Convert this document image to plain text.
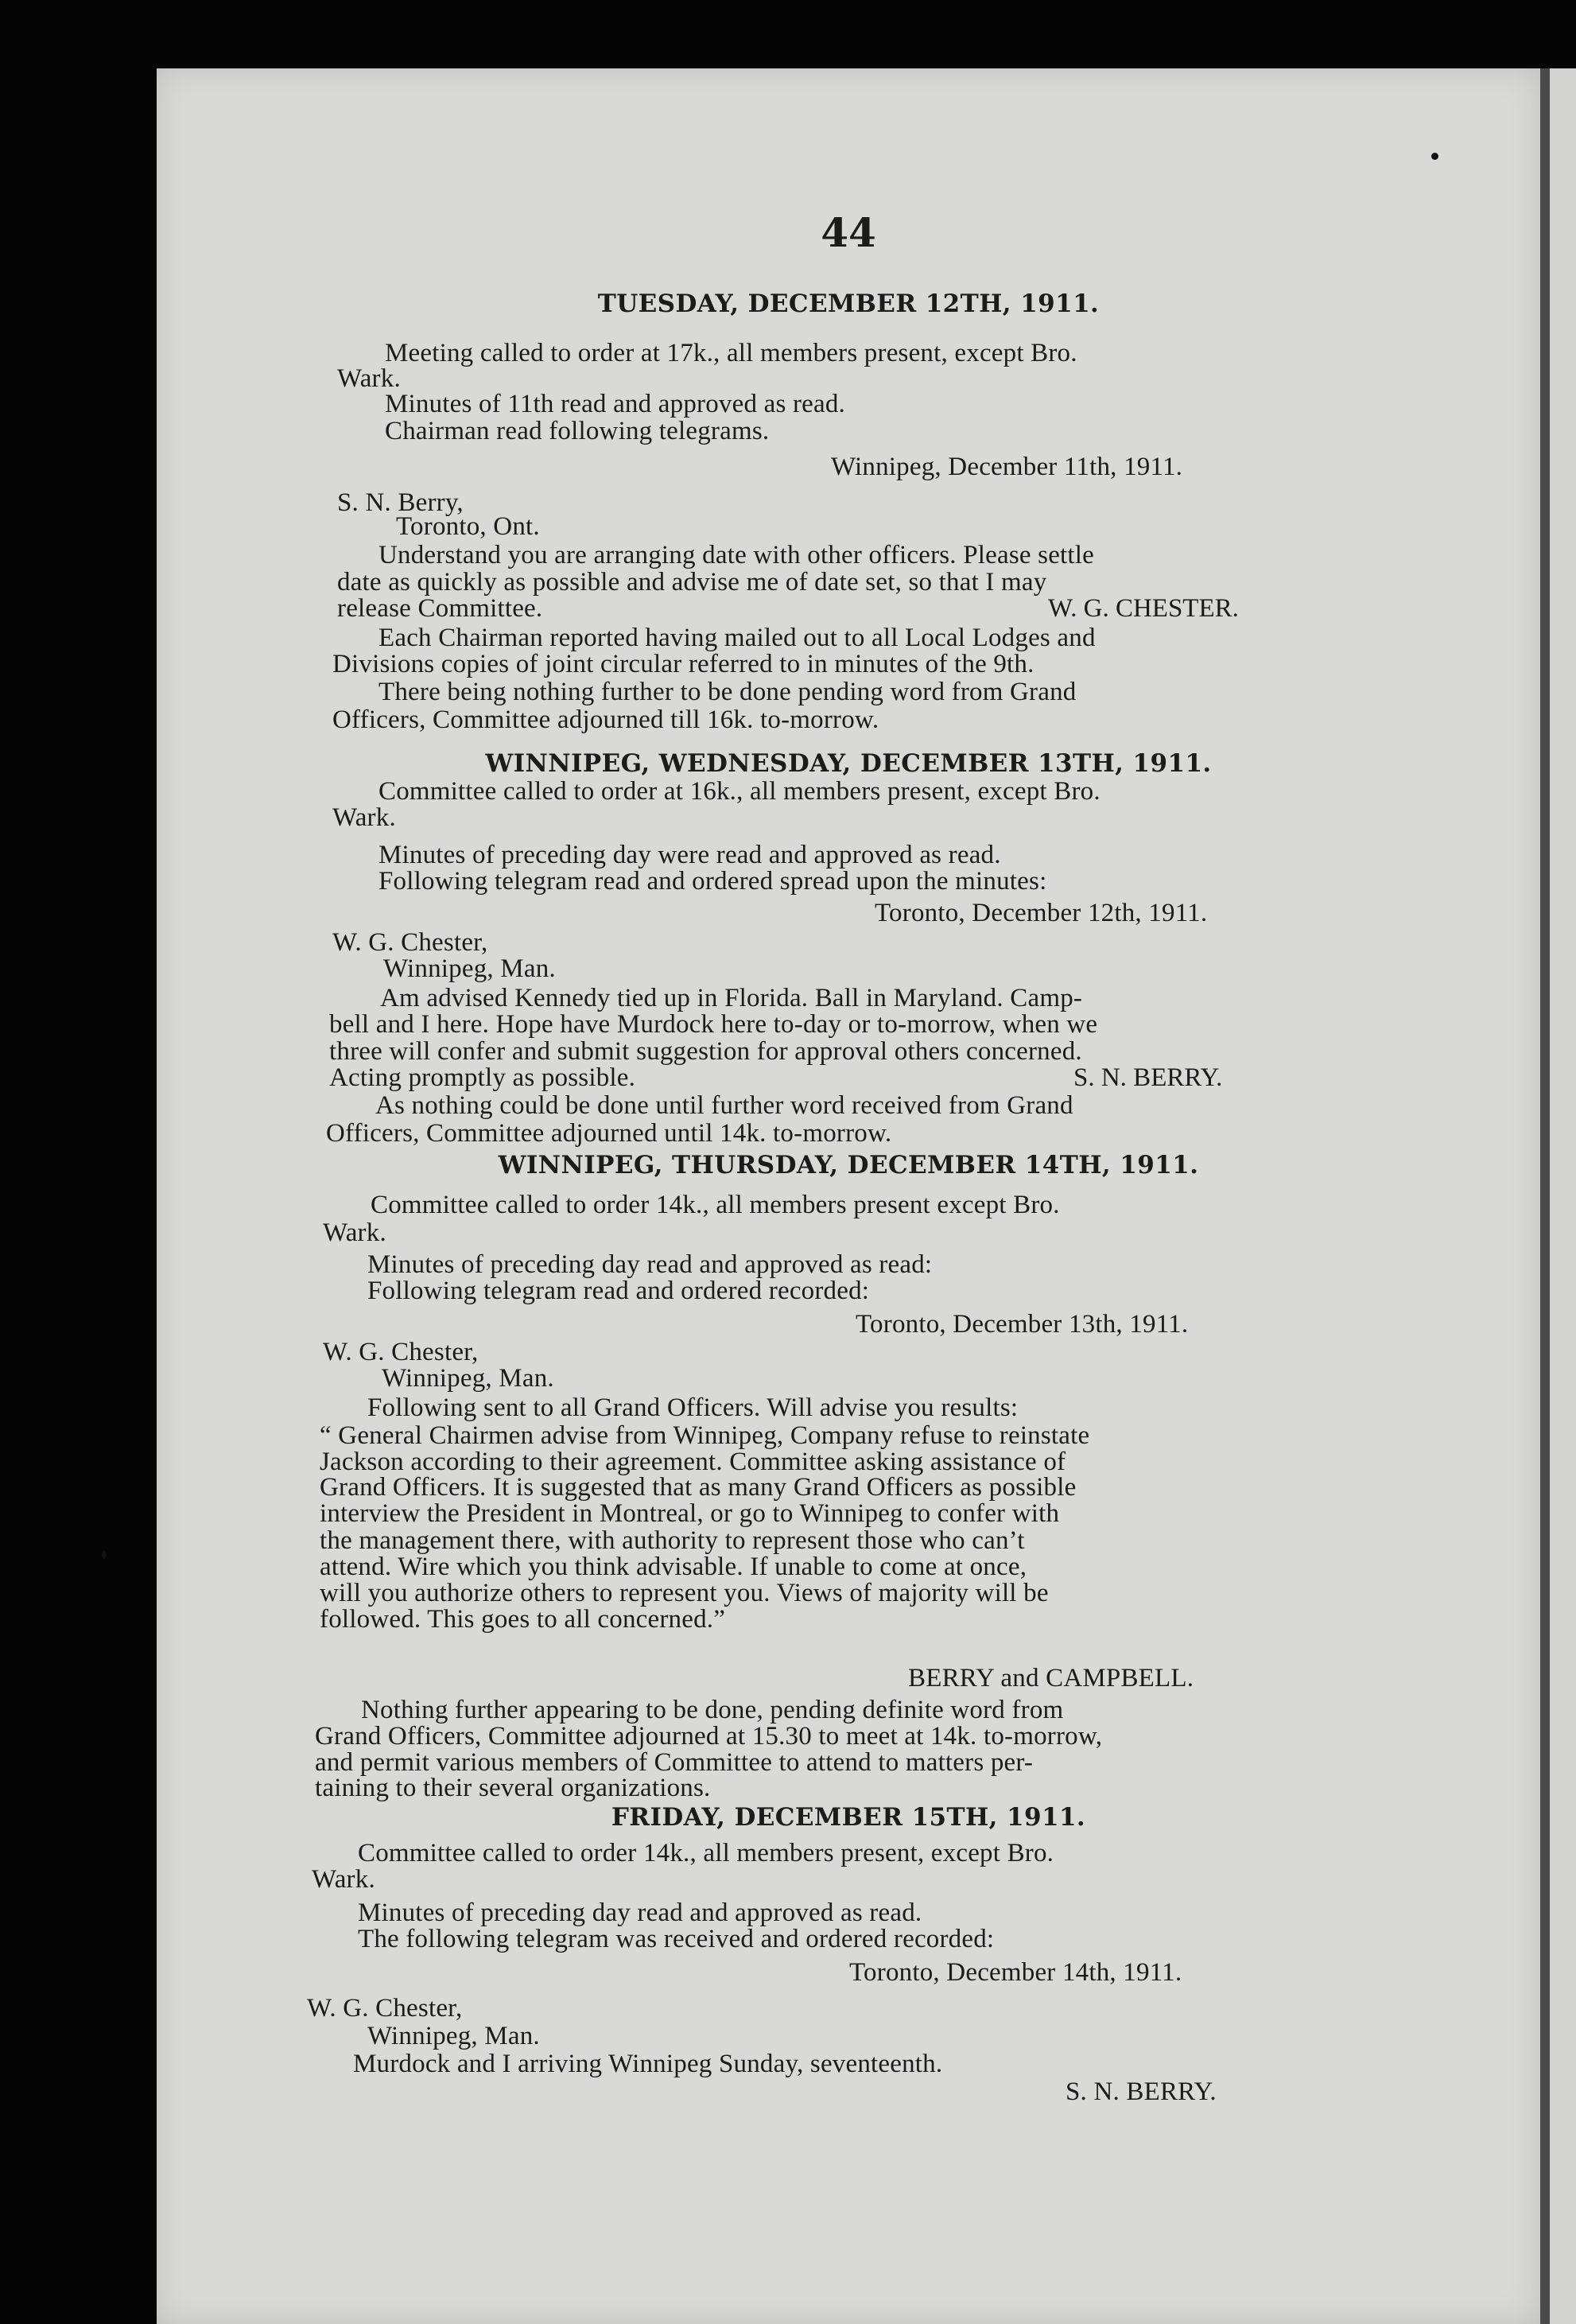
44
TUESDAY, DECEMBER 12TH, 1911.
Meeting called to order at 17k., all members present, except Bro.
Wark.
Minutes of 11th read and approved as read.
Chairman read following telegrams.
Winnipeg, December 11th, 1911.
S. N. Berry,
Toronto, Ont.
Understand you are arranging date with other officers. Please settle
date as quickly as possible and advise me of date set, so that I may
release Committee.	W. G. CHESTER.
Each Chairman reported having mailed out to all Local Lodges and
Divisions copies of joint circular referred to in minutes of the 9th.
There being nothing further to be done pending word from Grand
Officers, Committee adjourned till 16k. to-morrow.
WINNIPEG, WEDNESDAY, DECEMBER 13TH, 1911.
Committee called to order at 16k., all members present, except Bro.
Wark.
Minutes of preceding day were read and approved as read.
Following telegram read and ordered spread upon the minutes:
Toronto, December 12th, 1911.
W. G. Chester,
Winnipeg, Man.
Am advised Kennedy tied up in Florida. Ball in Maryland. Camp-
bell and I here. Hope have Murdock here to-day or to-morrow, when we
three will confer and submit suggestion for approval others concerned.
Acting promptly as possible.	S. N. BERRY.
As nothing could be done until further word received from Grand
Officers, Committee adjourned until 14k. to-morrow.
WINNIPEG, THURSDAY, DECEMBER 14TH, 1911.
Committee called to order 14k., all members present except Bro.
Wark.
Minutes of preceding day read and approved as read:
Following telegram read and ordered recorded:
Toronto, December 13th, 1911.
W. G. Chester,
Winnipeg, Man.
Following sent to all Grand Officers. Will advise you results:
“ General Chairmen advise from Winnipeg, Company refuse to reinstate
Jackson according to their agreement. Committee asking assistance of
Grand Officers. It is suggested that as many Grand Officers as possible
interview the President in Montreal, or go to Winnipeg to confer with
the management there, with authority to represent those who can’t
attend. Wire which you think advisable. If unable to come at once,
will you authorize others to represent you. Views of majority will be
followed. This goes to all concerned.”
BERRY and CAMPBELL.
Nothing further appearing to be done, pending definite word from
Grand Officers, Committee adjourned at 15.30 to meet at 14k. to-morrow,
and permit various members of Committee to attend to matters per-
taining to their several organizations.
FRIDAY, DECEMBER 15TH, 1911.
Committee called to order 14k., all members present, except Bro.
Wark.
Minutes of preceding day read and approved as read.
The following telegram was received and ordered recorded:
Toronto, December 14th, 1911.
W. G. Chester,
Winnipeg, Man.
Murdock and I arriving Winnipeg Sunday, seventeenth.
S. N. BERRY.
